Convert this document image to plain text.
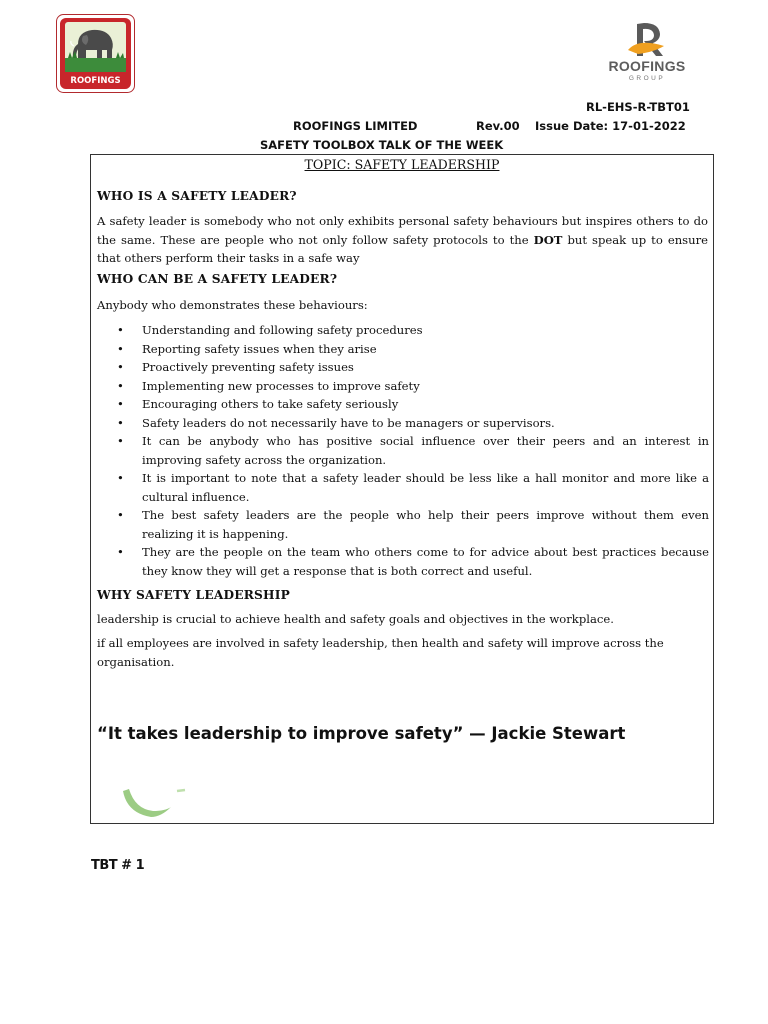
ROOFINGS
ROOFINGS
GROUP
RL-EHS-R-TBT01
ROOFINGS LIMITED	Rev.00 Issue Date: 17-01-2022
SAFETY TOOLBOX TALK OF THE WEEK
TOPIC: SAFETY LEADERSHIP
WHO IS A SAFETY LEADER?
A safety leader is somebody who not only exhibits personal safety behaviours but inspires others to do the same. These are people who not only follow safety protocols to the DOT but speak up to ensure that others perform their tasks in a safe way
WHO CAN BE A SAFETY LEADER?
Anybody who demonstrates these behaviours:
• Understanding and following safety procedures
• Reporting safety issues when they arise
• Proactively preventing safety issues
• Implementing new processes to improve safety
• Encouraging others to take safety seriously
• Safety leaders do not necessarily have to be managers or supervisors.
• It can be anybody who has positive social influence over their peers and an interest in improving safety across the organization.
• It is important to note that a safety leader should be less like a hall monitor and more like a cultural influence.
• The best safety leaders are the people who help their peers improve without them even realizing it is happening.
• They are the people on the team who others come to for advice about best practices because they know they will get a response that is both correct and useful.
WHY SAFETY LEADERSHIP
leadership is crucial to achieve health and safety goals and objectives in the workplace.
if all employees are involved in safety leadership, then health and safety will improve across the organisation.
“It takes leadership to improve safety” — Jackie Stewart
TBT # 1
